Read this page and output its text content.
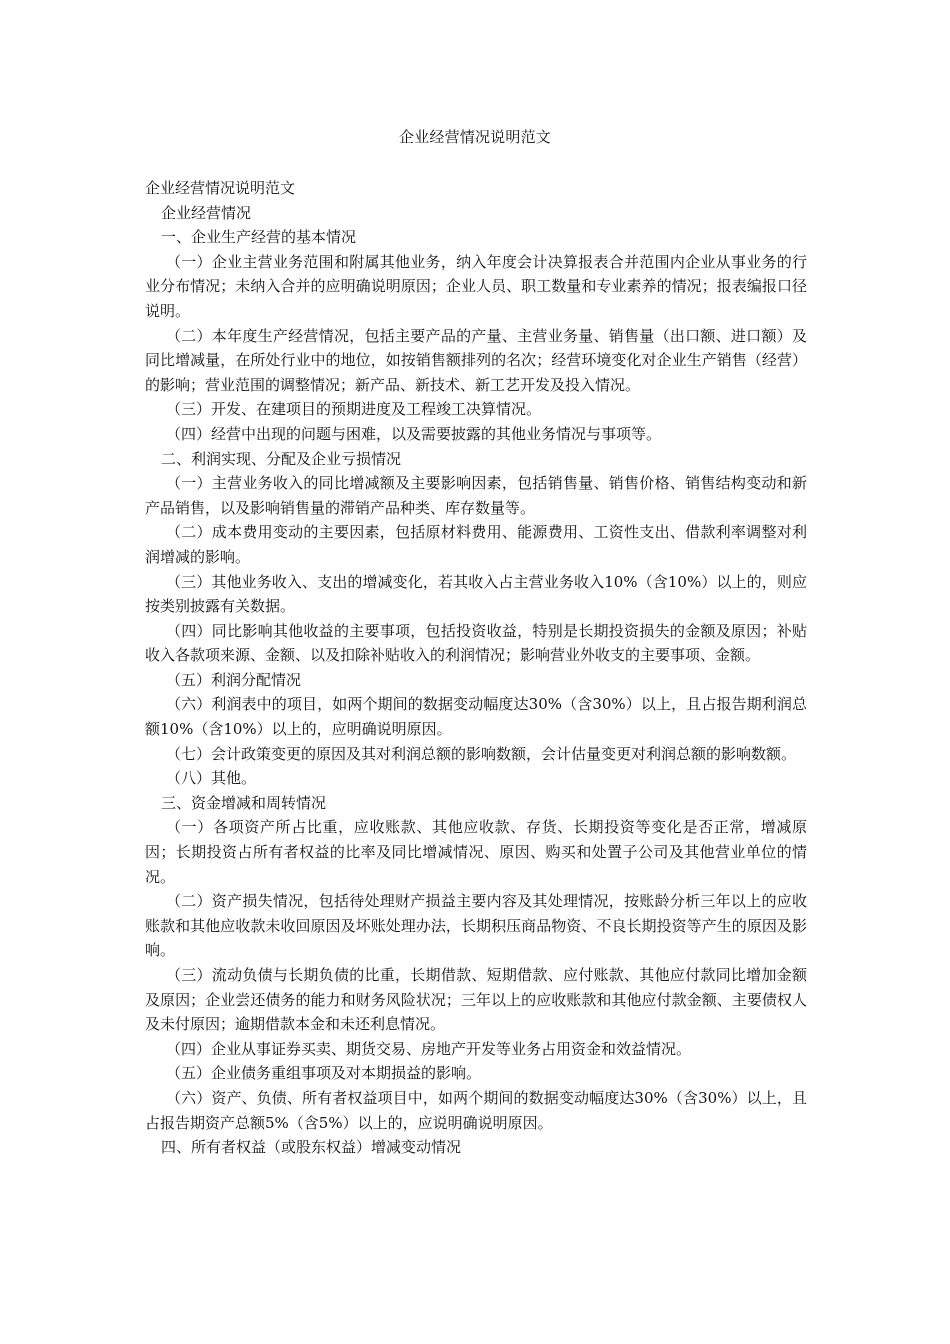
企业经营情况说明范文

企业经营情况说明范文

企业经营情况

一、企业生产经营的基本情况

（一）企业主营业务范围和附属其他业务，纳入年度会计决算报表合并范围内企业从事业务的行业分布情况；未纳入合并的应明确说明原因；企业人员、职工数量和专业素养的情况；报表编报口径说明。

（二）本年度生产经营情况，包括主要产品的产量、主营业务量、销售量（出口额、进口额）及同比增减量，在所处行业中的地位，如按销售额排列的名次；经营环境变化对企业生产销售（经营）的影响；营业范围的调整情况；新产品、新技术、新工艺开发及投入情况。

（三）开发、在建项目的预期进度及工程竣工决算情况。

（四）经营中出现的问题与困难，以及需要披露的其他业务情况与事项等。

二、利润实现、分配及企业亏损情况

（一）主营业务收入的同比增减额及主要影响因素，包括销售量、销售价格、销售结构变动和新产品销售，以及影响销售量的滞销产品种类、库存数量等。

（二）成本费用变动的主要因素，包括原材料费用、能源费用、工资性支出、借款利率调整对利润增减的影响。

（三）其他业务收入、支出的增减变化，若其收入占主营业务收入10%（含10%）以上的，则应按类别披露有关数据。

（四）同比影响其他收益的主要事项，包括投资收益，特别是长期投资损失的金额及原因；补贴收入各款项来源、金额、以及扣除补贴收入的利润情况；影响营业外收支的主要事项、金额。

（五）利润分配情况

（六）利润表中的项目，如两个期间的数据变动幅度达30%（含30%）以上，且占报告期利润总额10%（含10%）以上的，应明确说明原因。

（七）会计政策变更的原因及其对利润总额的影响数额，会计估量变更对利润总额的影响数额。

（八）其他。

三、资金增减和周转情况

（一）各项资产所占比重，应收账款、其他应收款、存货、长期投资等变化是否正常，增减原因；长期投资占所有者权益的比率及同比增减情况、原因、购买和处置子公司及其他营业单位的情况。

（二）资产损失情况，包括待处理财产损益主要内容及其处理情况，按账龄分析三年以上的应收账款和其他应收款未收回原因及坏账处理办法，长期积压商品物资、不良长期投资等产生的原因及影响。

（三）流动负债与长期负债的比重，长期借款、短期借款、应付账款、其他应付款同比增加金额及原因；企业尝还债务的能力和财务风险状况；三年以上的应收账款和其他应付款金额、主要债权人及未付原因；逾期借款本金和未还利息情况。

（四）企业从事证券买卖、期货交易、房地产开发等业务占用资金和效益情况。

（五）企业债务重组事项及对本期损益的影响。

（六）资产、负债、所有者权益项目中，如两个期间的数据变动幅度达30%（含30%）以上，且占报告期资产总额5%（含5%）以上的，应说明确说明原因。

四、所有者权益（或股东权益）增减变动情况
